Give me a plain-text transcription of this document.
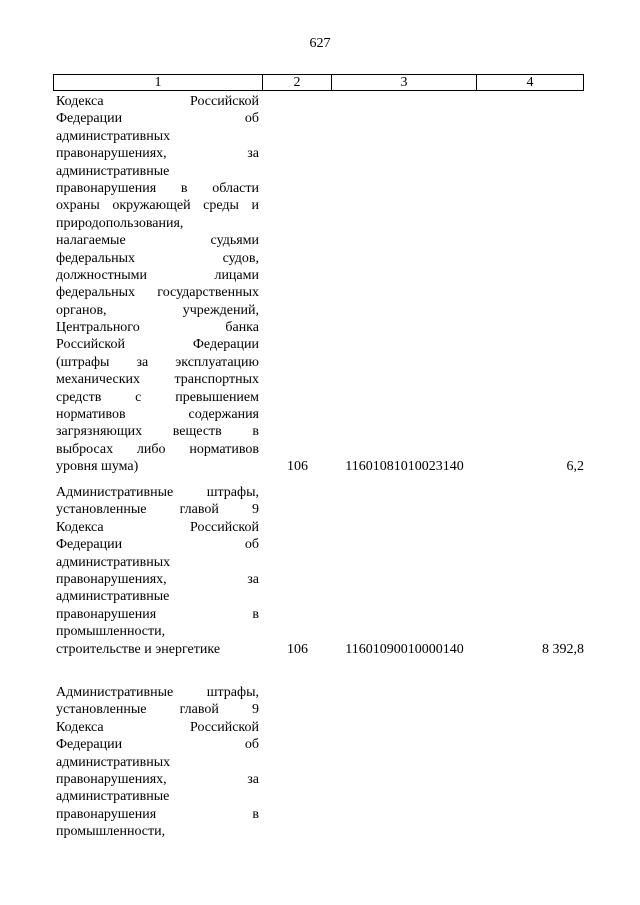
627
1	2	3	4
Кодекса Российской
Федерации об
административных
правонарушениях, за
административные
правонарушения в области
охраны окружающей среды и
природопользования,
налагаемые судьями
федеральных судов,
должностными лицами
федеральных государственных
органов, учреждений,
Центрального банка
Российской Федерации
(штрафы за эксплуатацию
механических транспортных
средств с превышением
нормативов содержания
загрязняющих веществ в
выбросах либо нормативов
уровня шума)	106	11601081010023140	6,2
Административные штрафы,
установленные главой 9
Кодекса Российской
Федерации об
административных
правонарушениях, за
административные
правонарушения в
промышленности,
строительстве и энергетике	106	11601090010000140	8 392,8
Административные штрафы,
установленные главой 9
Кодекса Российской
Федерации об
административных
правонарушениях, за
административные
правонарушения в
промышленности,
